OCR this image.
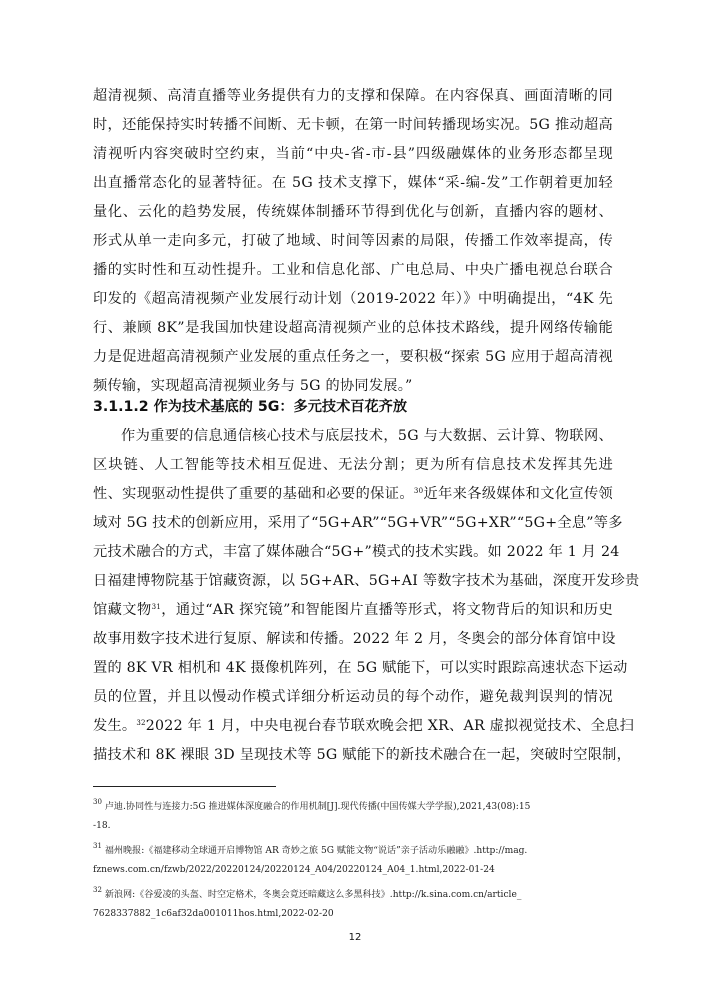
超清视频、高清直播等业务提供有力的支撑和保障。在内容保真、画面清晰的同
时，还能保持实时转播不间断、无卡顿，在第一时间转播现场实况。5G 推动超高
清视听内容突破时空约束，当前“中央-省-市-县”四级融媒体的业务形态都呈现
出直播常态化的显著特征。在 5G 技术支撑下，媒体“采-编-发”工作朝着更加轻
量化、云化的趋势发展，传统媒体制播环节得到优化与创新，直播内容的题材、
形式从单一走向多元，打破了地域、时间等因素的局限，传播工作效率提高，传
播的实时性和互动性提升。工业和信息化部、广电总局、中央广播电视总台联合
印发的《超高清视频产业发展行动计划（2019-2022 年）》中明确提出，“4K 先
行、兼顾 8K”是我国加快建设超高清视频产业的总体技术路线，提升网络传输能
力是促进超高清视频产业发展的重点任务之一，要积极“探索 5G 应用于超高清视
频传输，实现超高清视频业务与 5G 的协同发展。”
3.1.1.2 作为技术基底的 5G：多元技术百花齐放
作为重要的信息通信核心技术与底层技术，5G 与大数据、云计算、物联网、
区块链、人工智能等技术相互促进、无法分割；更为所有信息技术发挥其先进
性、实现驱动性提供了重要的基础和必要的保证。$^{30}$近年来各级媒体和文化宣传领
域对 5G 技术的创新应用，采用了“5G+AR”“5G+VR”“5G+XR”“5G+全息”等多
元技术融合的方式，丰富了媒体融合“5G+”模式的技术实践。如 2022 年 1 月 24
日福建博物院基于馆藏资源，以 5G+AR、5G+AI 等数字技术为基础，深度开发珍贵
馆藏文物$^{31}$，通过“AR 探究镜”和智能图片直播等形式，将文物背后的知识和历史
故事用数字技术进行复原、解读和传播。2022 年 2 月，冬奥会的部分体育馆中设
置的 8K VR 相机和 4K 摄像机阵列，在 5G 赋能下，可以实时跟踪高速状态下运动
员的位置，并且以慢动作模式详细分析运动员的每个动作，避免裁判误判的情况
发生。$^{32}$2022 年 1 月，中央电视台春节联欢晚会把 XR、AR 虚拟视觉技术、全息扫
描技术和 8K 裸眼 3D 呈现技术等 5G 赋能下的新技术融合在一起，突破时空限制，
$^{30}$ 卢迪.协同性与连接力:5G 推进媒体深度融合的作用机制[J].现代传播(中国传媒大学学报),2021,43(08):15
-18.
$^{31}$ 福州晚报:《福建移动全球通开启博物馆 AR 奇妙之旅 5G 赋能文物“说话”亲子活动乐融融》.http://mag.
fznews.com.cn/fzwb/2022/20220124/20220124_A04/20220124_A04_1.html,2022-01-24
$^{32}$ 新浪网:《谷爱凌的头盔、时空定格术，冬奥会竟还暗藏这么多黑科技》.http://k.sina.com.cn/article_
7628337882_1c6af32da001011hos.html,2022-02-20
12
